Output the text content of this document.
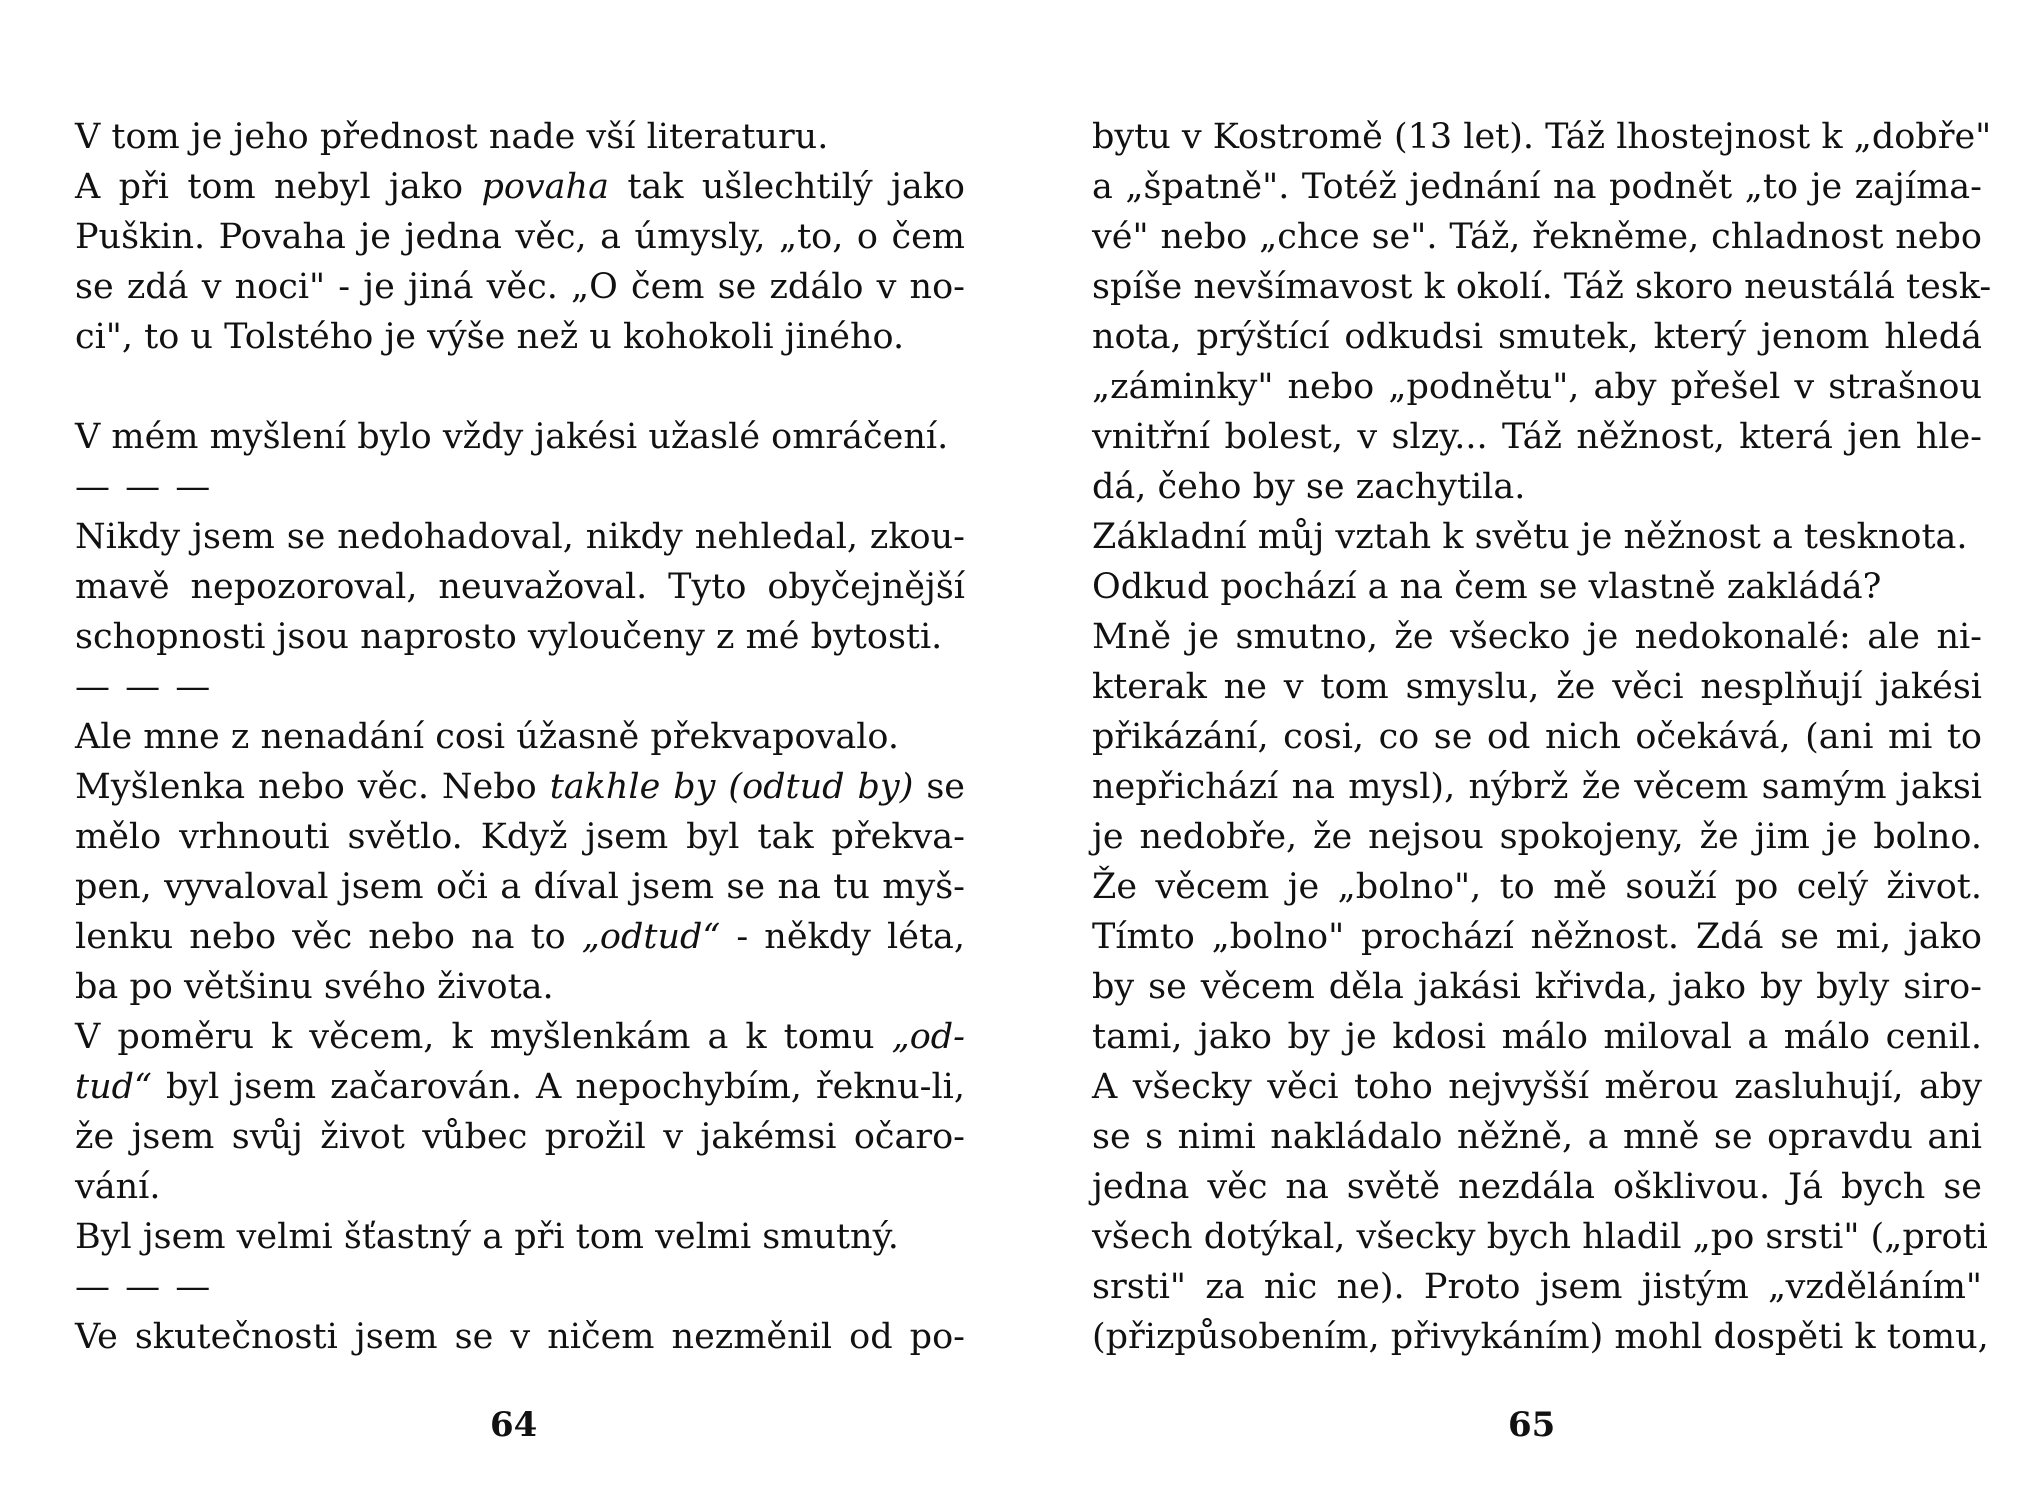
V tom je jeho přednost nade vší literaturu.
A při tom nebyl jako povaha tak ušlechtilý jako
Puškin. Povaha je jedna věc, a úmysly, „to, o čem
se zdá v noci" - je jiná věc. „O čem se zdálo v no-
ci", to u Tolstého je výše než u kohokoli jiného.
V mém myšlení bylo vždy jakési užaslé omráčení.
— — —
Nikdy jsem se nedohadoval, nikdy nehledal, zkou-
mavě nepozoroval, neuvažoval. Tyto obyčejnější
schopnosti jsou naprosto vyloučeny z mé bytosti.
— — —
Ale mne z nenadání cosi úžasně překvapovalo.
Myšlenka nebo věc. Nebo takhle by (odtud by) se
mělo vrhnouti světlo. Když jsem byl tak překva-
pen, vyvaloval jsem oči a díval jsem se na tu myš-
lenku nebo věc nebo na to „odtud“ - někdy léta,
ba po většinu svého života.
V poměru k věcem, k myšlenkám a k tomu „od-
tud“ byl jsem začarován. A nepochybím, řeknu-li,
že jsem svůj život vůbec prožil v jakémsi očaro-
vání.
Byl jsem velmi šťastný a při tom velmi smutný.
— — —
Ve skutečnosti jsem se v ničem nezměnil od po-
bytu v Kostromě (13 let). Táž lhostejnost k „dobře"
a „špatně". Totéž jednání na podnět „to je zajíma-
vé" nebo „chce se". Táž, řekněme, chladnost nebo
spíše nevšímavost k okolí. Táž skoro neustálá tesk-
nota, prýštící odkudsi smutek, který jenom hledá
„záminky" nebo „podnětu", aby přešel v strašnou
vnitřní bolest, v slzy... Táž něžnost, která jen hle-
dá, čeho by se zachytila.
Základní můj vztah k světu je něžnost a tesknota.
Odkud pochází a na čem se vlastně zakládá?
Mně je smutno, že všecko je nedokonalé: ale ni-
kterak ne v tom smyslu, že věci nesplňují jakési
přikázání, cosi, co se od nich očekává, (ani mi to
nepřichází na mysl), nýbrž že věcem samým jaksi
je nedobře, že nejsou spokojeny, že jim je bolno.
Že věcem je „bolno", to mě souží po celý život.
Tímto „bolno" prochází něžnost. Zdá se mi, jako
by se věcem děla jakási křivda, jako by byly siro-
tami, jako by je kdosi málo miloval a málo cenil.
A všecky věci toho nejvyšší měrou zasluhují, aby
se s nimi nakládalo něžně, a mně se opravdu ani
jedna věc na světě nezdála ošklivou. Já bych se
všech dotýkal, všecky bych hladil „po srsti" („proti
srsti" za nic ne). Proto jsem jistým „vzděláním"
(přizpůsobením, přivykáním) mohl dospěti k tomu,
64	65
